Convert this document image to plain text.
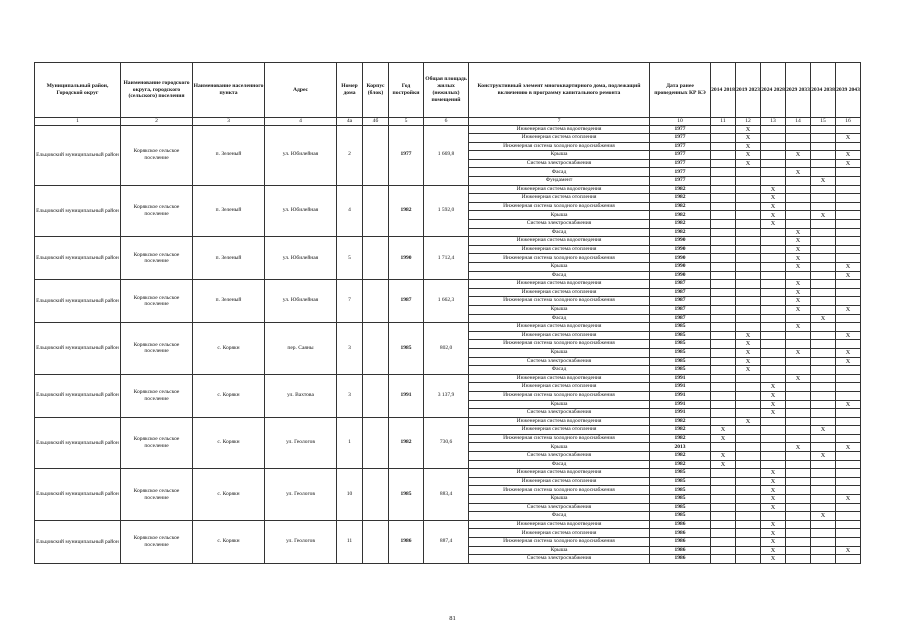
Муниципальный район, Городской округ	Наименование городского округа, городского (сельского) поселения	Наименование населенного пункта	Адрес	Номер дома	Корпус (блок)	Год постройки	Общая площадь жилых (нежилых) помещений	Конструктивный элемент многоквартирного дома, подлежащий включению в программу капитального ремонта	Дата ранее проведенных КР КЭ	2014 2018	2019 2023	2024 2028	2029 2033	2034 2038	2039 2043
1	2	3	4	4а	4б	5	6	7	10	11	12	13	14	15	16
Ельцовский муниципальный район	Корякское сельское поселение	п. Зеленый	ул. Юбилейная	2		1977	1 669,8	Инженерная система водоотведения	1977		X				
								Инженерная система отопления	1977		X				X
								Инженерная система холодного водоснабжения	1977		X				
								Крыша	1977		X		X		X
								Система электроснабжения	1977		X				X
								Фасад	1977				X		
								Фундамент	1977					X	
Ельцовский муниципальный район	Корякское сельское поселение	п. Зеленый	ул. Юбилейная	4		1982	1 592,0	Инженерная система водоотведения	1982			X			
								Инженерная система отопления	1982			X			
								Инженерная система холодного водоснабжения	1982			X			
								Крыша	1982			X		X	
								Система электроснабжения	1982			X			
								Фасад	1982				X		
Ельцовский муниципальный район	Корякское сельское поселение	п. Зеленый	ул. Юбилейная	5		1990	1 712,4	Инженерная система водоотведения	1990				X		
								Инженерная система отопления	1990				X		
								Инженерная система холодного водоснабжения	1990				X		
								Крыша	1990				X		X
								Фасад	1990						X
Ельцовский муниципальный район	Корякское сельское поселение	п. Зеленый	ул. Юбилейная	7		1987	1 662,3	Инженерная система водоотведения	1987				X		
								Инженерная система отопления	1987				X		
								Инженерная система холодного водоснабжения	1987				X		
								Крыша	1987				X		X
								Фасад	1987					X	
Ельцовский муниципальный район	Корякское сельское поселение	с. Корякн	пер. Саяны	3		1985	802,0	Инженерная система водоотведения	1985				X		
								Инженерная система отопления	1985		X				X
								Инженерная система холодного водоснабжения	1985		X				
								Крыша	1985		X		X		X
								Система электроснабжения	1985		X				X
								Фасад	1985		X				
Ельцовский муниципальный район	Корякское сельское поселение	с. Корякн	ул. Вахтова	3		1991	3 137,9	Инженерная система водоотведения	1991				X		
								Инженерная система отопления	1991			X			
								Инженерная система холодного водоснабжения	1991			X			
								Крыша	1991			X			X
								Система электроснабжения	1991			X			
Ельцовский муниципальный район	Корякское сельское поселение	с. Корякн	ул. Геологов	1		1982	730,6	Инженерная система водоотведения	1982		X				
								Инженерная система отопления	1982	X				X	
								Инженерная система холодного водоснабжения	1982	X					
								Крыша	2013				X		X
								Система электроснабжения	1982	X				X	
								Фасад	1982	X					
Ельцовский муниципальный район	Корякское сельское поселение	с. Корякн	ул. Геологов	10		1985	883,4	Инженерная система водоотведения	1985			X			
								Инженерная система отопления	1985			X			
								Инженерная система холодного водоснабжения	1985			X			
								Крыша	1985			X			X
								Система электроснабжения	1985			X			
								Фасад	1985					X	
Ельцовский муниципальный район	Корякское сельское поселение	с. Корякн	ул. Геологов	11		1986	887,4	Инженерная система водоотведения	1986			X			
								Инженерная система отопления	1986			X			
								Инженерная система холодного водоснабжения	1986			X			
								Крыша	1986			X			X
								Система электроснабжения	1986			X			
81
